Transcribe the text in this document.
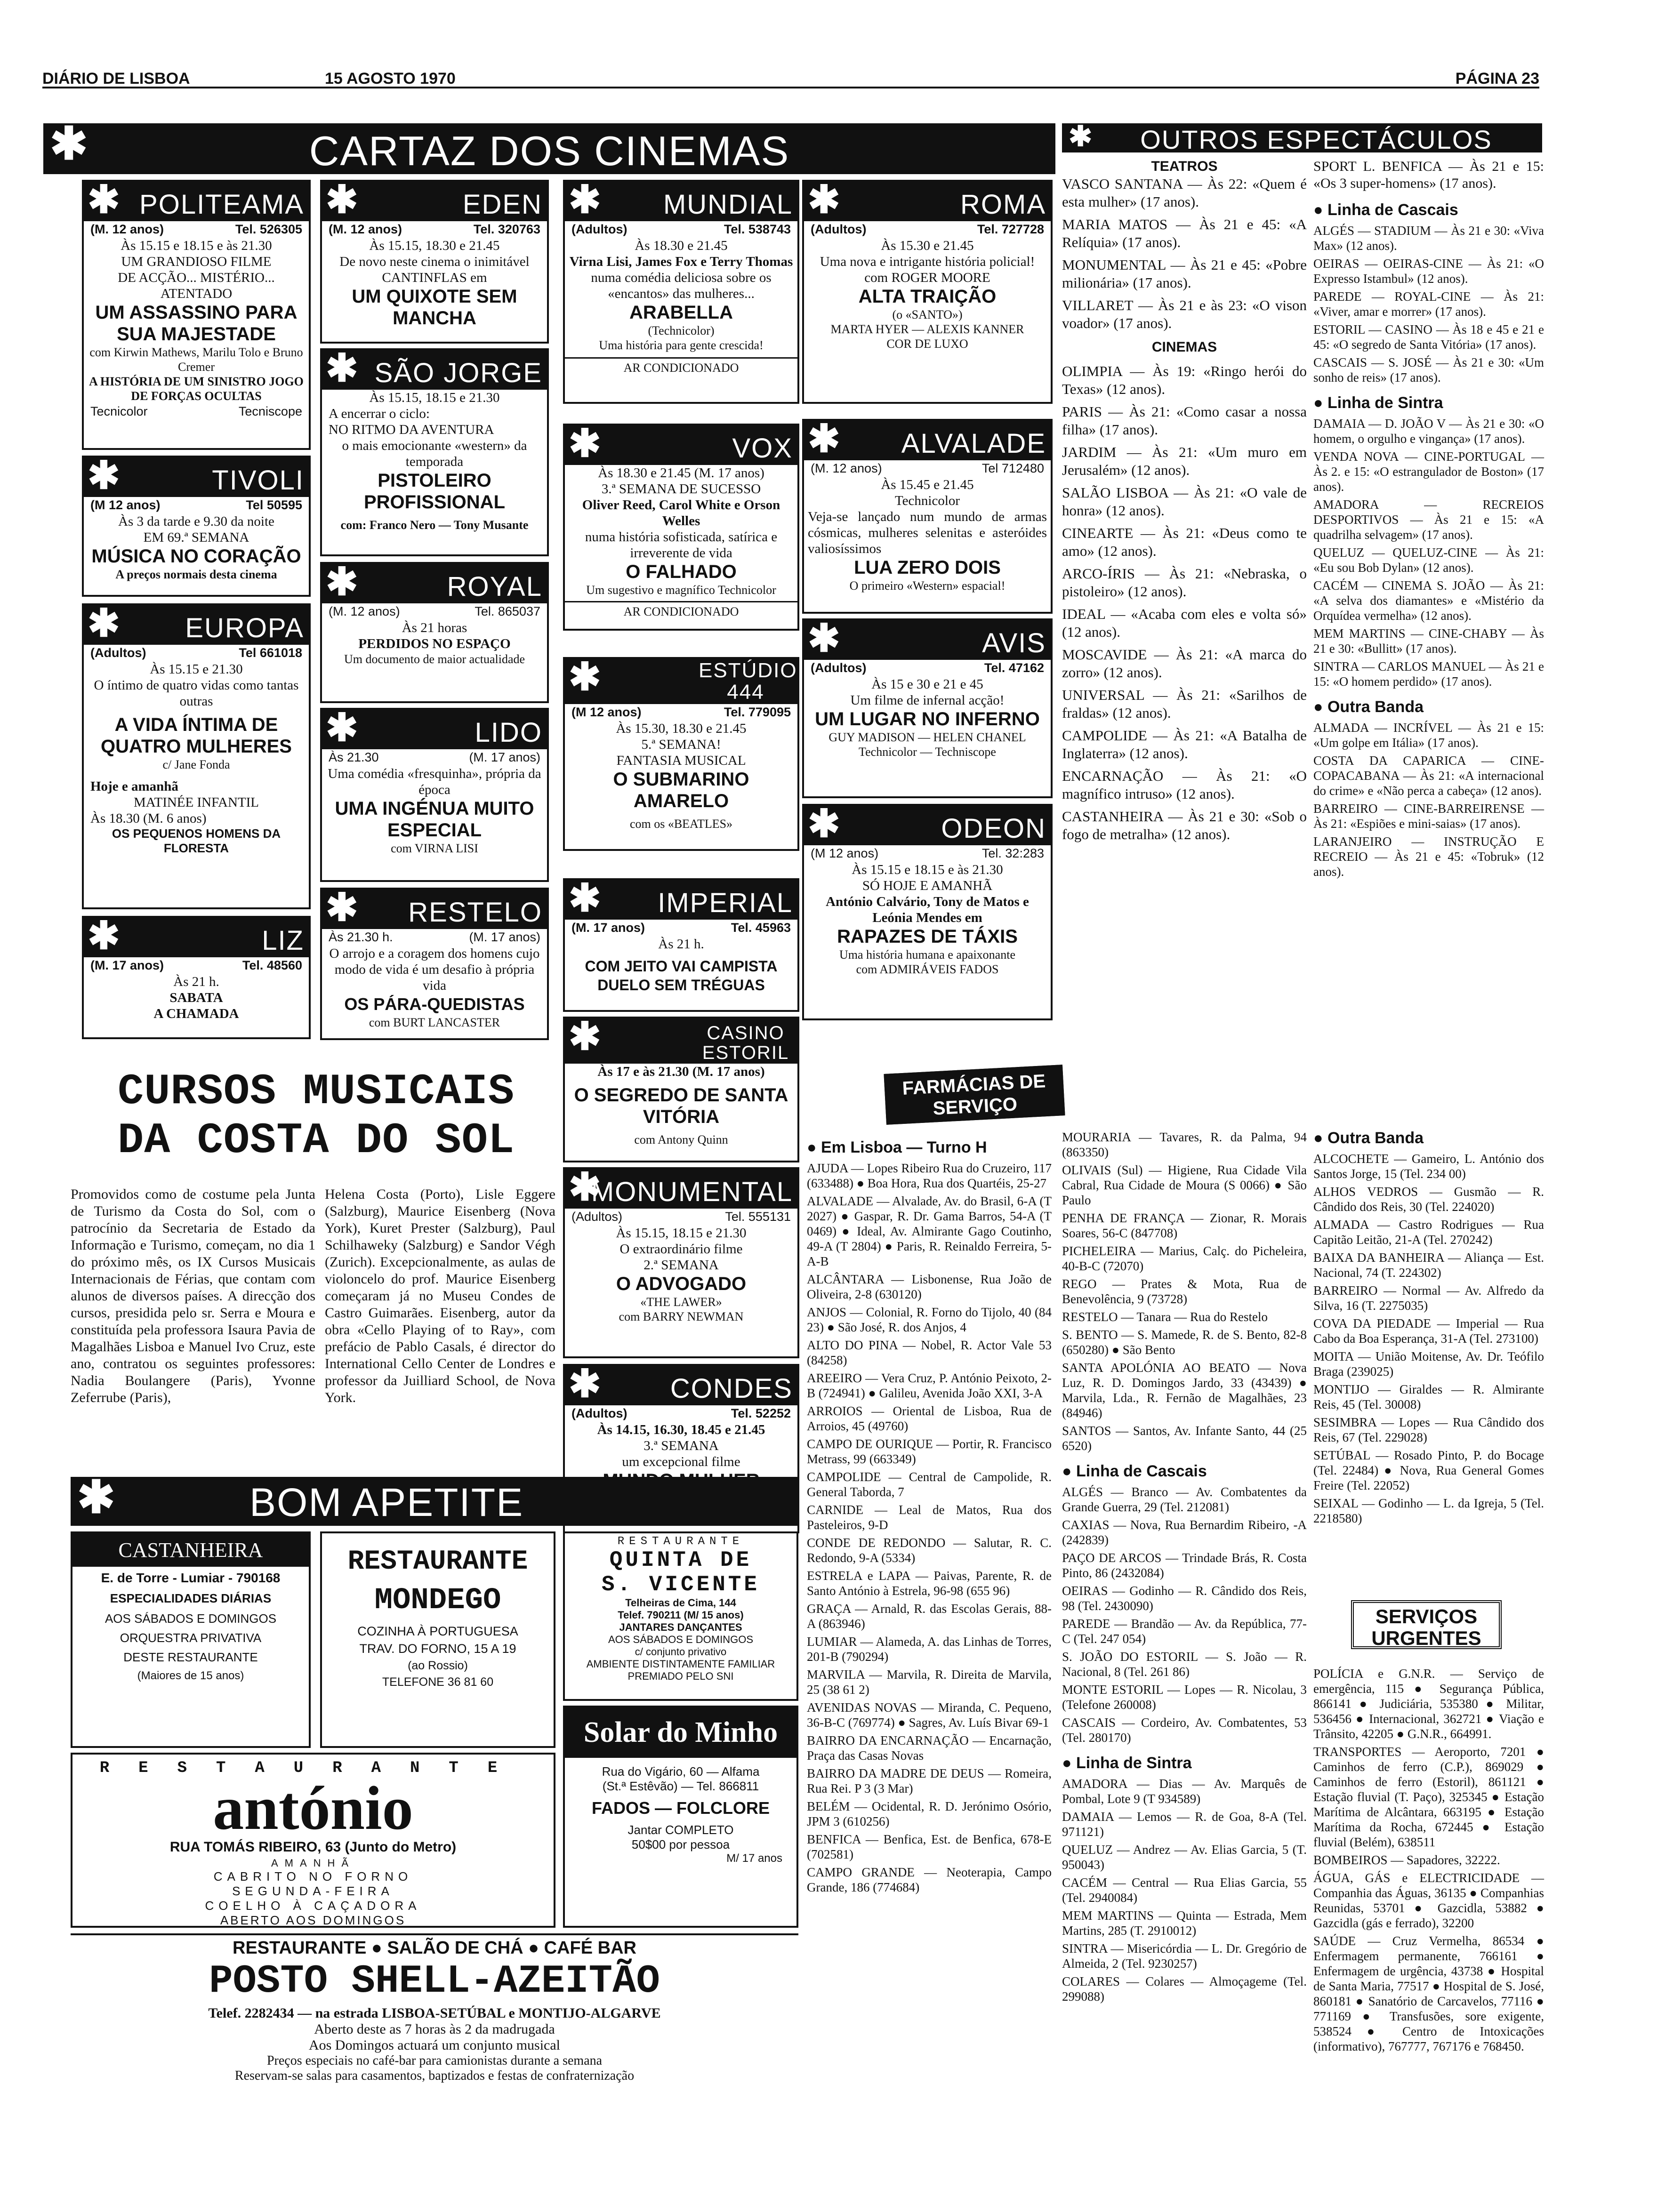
DIÁRIO DE LISBOA	15 AGOSTO 1970	PÁGINA 23
✱	CARTAZ DOS CINEMAS	✱	OUTROS ESPECTÁCULOS
✱ POLITEAMA
(M. 12 anos)	Tel. 526305
Às 15.15 e 18.15 e às 21.30
UM GRANDIOSO FILME
DE ACÇÃO... MISTÉRIO...
ATENTADO
UM ASSASSINO PARA SUA MAJESTADE
com Kirwin Mathews, Marilu Tolo e Bruno Cremer
A HISTÓRIA DE UM SINISTRO JOGO DE FORÇAS OCULTAS
Tecnicolor	Tecniscope
✱	TIVOLI
(M 12 anos)	Tel 50595
Às 3 da tarde e 9.30 da noite
EM 69.ª SEMANA
MÚSICA NO CORAÇÃO
A preços normais desta cinema
✱ EUROPA
(Adultos)	Tel 661018
Às 15.15 e 21.30
O íntimo de quatro vidas como tantas outras
A VIDA ÍNTIMA DE QUATRO MULHERES
c/ Jane Fonda
Hoje e amanhã
MATINÉE INFANTIL
Às 18.30 (M. 6 anos)
OS PEQUENOS HOMENS DA FLORESTA
✱	LIZ
(M. 17 anos)	Tel. 48560
Às 21 h.
SABATA
A CHAMADA
✱	EDEN
(M. 12 anos)	Tel. 320763
Às 15.15, 18.30 e 21.45
De novo neste cinema o inimitável CANTINFLAS em
UM QUIXOTE SEM MANCHA
✱ SÃO JORGE
Às 15.15, 18.15 e 21.30
A encerrar o ciclo:
NO RITMO DA AVENTURA
o mais emocionante «western» da temporada
PISTOLEIRO PROFISSIONAL
com: Franco Nero — Tony Musante
✱	ROYAL
(M. 12 anos)	Tel. 865037
Às 21 horas
PERDIDOS NO ESPAÇO
Um documento de maior actualidade
✱	LIDO
Às 21.30	(M. 17 anos)
Uma comédia «fresquinha», própria da época
UMA INGÉNUA MUITO ESPECIAL
com VIRNA LISI
✱ RESTELO
Às 21.30 h.	(M. 17 anos)
O arrojo e a coragem dos homens cujo modo de vida é um desafio à própria vida
OS PÁRA-QUEDISTAS
com BURT LANCASTER
✱ MUNDIAL
(Adultos)	Tel. 538743
Às 18.30 e 21.45
Virna Lisi, James Fox e Terry Thomas
numa comédia deliciosa sobre os «encantos» das mulheres...
ARABELLA
(Technicolor)
Uma história para gente crescida!
AR CONDICIONADO
✱	VOX
Às 18.30 e 21.45 (M. 17 anos)
3.ª SEMANA DE SUCESSO
Oliver Reed, Carol White e Orson Welles
numa história sofisticada, satírica e irreverente de vida
O FALHADO
Um sugestivo e magnífico Technicolor
AR CONDICIONADO
✱	ESTÚDIO 444
(M 12 anos)	Tel. 779095
Às 15.30, 18.30 e 21.45
5.ª SEMANA!
FANTASIA MUSICAL
O SUBMARINO AMARELO
com os «BEATLES»
✱ IMPERIAL
(M. 17 anos)	Tel. 45963
Às 21 h.
COM JEITO VAI CAMPISTA DUELO SEM TRÉGUAS
✱	CASINO ESTORIL
Às 17 e às 21.30 (M. 17 anos)
O SEGREDO DE SANTA VITÓRIA
com Antony Quinn
✱
MONUMENTAL
(Adultos)	Tel. 555131
Às 15.15, 18.15 e 21.30
O extraordinário filme
2.ª SEMANA
O ADVOGADO
«THE LAWER»
com BARRY NEWMAN
✱	CONDES
(Adultos)	Tel. 52252
Às 14.15, 16.30, 18.45 e 21.45
3.ª SEMANA
um excepcional filme
✱	ROMA
(Adultos)	Tel. 727728
Às 15.30 e 21.45
Uma nova e intrigante história policial!
com ROGER MOORE
ALTA TRAIÇÃO
(o «SANTO»)
MARTA HYER — ALEXIS KANNER
COR DE LUXO
✱ ALVALADE
(M. 12 anos)	Tel 712480
Às 15.45 e 21.45
Technicolor
Veja-se lançado num mundo de armas cósmicas, mulheres selenitas e asteróides valiosíssimos
LUA ZERO DOIS
O primeiro «Western» espacial!
✱	AVIS
(Adultos)	Tel. 47162
Às 15 e 30 e 21 e 45
Um filme de infernal acção!
UM LUGAR NO INFERNO
GUY MADISON — HELEN CHANEL
Technicolor — Techniscope
✱	ODEON
(M 12 anos)	Tel. 32:283
Às 15.15 e 18.15 e às 21.30
SÓ HOJE E AMANHÃ
António Calvário, Tony de Matos e Leónia Mendes em
RAPAZES DE TÁXIS
Uma história humana e apaixonante
com ADMIRÁVEIS FADOS
TEATROS
VASCO SANTANA — Às 22: «Quem é esta mulher» (17 anos).
MARIA MATOS — Às 21 e 45: «A Relíquia» (17 anos).
MONUMENTAL — Às 21 e 45: «Pobre milionária» (17 anos).
VILLARET — Às 21 e às 23: «O vison voador» (17 anos).
CINEMAS
OLIMPIA — Às 19: «Ringo herói do Texas» (12 anos).
PARIS — Às 21: «Como casar a nossa filha» (17 anos).
JARDIM — Às 21: «Um muro em Jerusalém» (12 anos).
SALÃO LISBOA — Às 21: «O vale de honra» (12 anos).
CINEARTE — Às 21: «Deus como te amo» (12 anos).
ARCO-ÍRIS — Às 21: «Nebraska, o pistoleiro» (12 anos).
IDEAL — «Acaba com eles e volta só» (12 anos).
MOSCAVIDE — Às 21: «A marca do zorro» (12 anos).
UNIVERSAL — Às 21: «Sarilhos de fraldas» (12 anos).
CAMPOLIDE — Às 21: «A Batalha de Inglaterra» (12 anos).
ENCARNAÇÃO — Às 21: «O magnífico intruso» (12 anos).
CASTANHEIRA — Às 21 e 30: «Sob o fogo de metralha» (12 anos).
SPORT L. BENFICA — Às 21 e 15: «Os 3 super-homens» (17 anos).
● Linha de Cascais
ALGÉS — STADIUM — Às 21 e 30: «Viva Max» (12 anos).
OEIRAS — OEIRAS-CINE — Às 21: «O Expresso Istambul» (12 anos).
PAREDE — ROYAL-CINE — Às 21: «Viver, amar e morrer» (17 anos).
ESTORIL — CASINO — Às 18 e 45 e 21 e 45: «O segredo de Santa Vitória» (17 anos).
CASCAIS — S. JOSÉ — Às 21 e 30: «Um sonho de reis» (17 anos).
● Linha de Sintra
DAMAIA — D. JOÃO V — Às 21 e 30: «O homem, o orgulho e vingança» (17 anos).
VENDA NOVA — CINE-PORTUGAL — Às 2. e 15: «O estrangulador de Boston» (17 anos).
AMADORA — RECREIOS DESPORTIVOS — Às 21 e 15: «A quadrilha selvagem» (17 anos).
QUELUZ — QUELUZ-CINE — Às 21: «Eu sou Bob Dylan» (12 anos).
CACÉM — CINEMA S. JOÃO — Às 21: «A selva dos diamantes» e «Mistério da Orquídea vermelha» (12 anos).
MEM MARTINS — CINE-CHABY — Às 21 e 30: «Bullitt» (17 anos).
SINTRA — CARLOS MANUEL — Às 21 e 15: «O homem perdido» (17 anos).
● Outra Banda
ALMADA — INCRÍVEL — Às 21 e 15: «Um golpe em Itália» (17 anos).
COSTA DA CAPARICA — CINE-COPACABANA — Às 21: «A internacional do crime» e «Não perca a cabeça» (12 anos).
BARREIRO — CINE-BARREIRENSE — Às 21: «Espiões e mini-saias» (17 anos).
LARANJEIRO — INSTRUÇÃO E RECREIO — Às 21 e 45: «Tobruk» (12 anos).
CURSOS MUSICAIS
DA COSTA DO SOL
Promovidos como de costume pela Junta de Turismo da Costa do Sol, com o patrocínio da Secretaria de Estado da Informação e Turismo, começam, no dia 1 do próximo mês, os IX Cursos Musicais Internacionais de Férias, que contam com alunos de diversos países. A direcção dos cursos, presidida pelo sr. Serra e Moura e constituída pela professora Isaura Pavia de Magalhães Lisboa e Manuel Ivo Cruz, este ano, contratou os seguintes professores: Nadia Boulangere (Paris), Yvonne Zeferrube (Paris),
Helena Costa (Porto), Lisle Eggere (Salzburg), Maurice Eisenberg (Nova York), Kuret Prester (Salzburg), Paul Schilhaweky (Salzburg) e Sandor Végh (Zurich). Excepcionalmente, as aulas de violoncelo do prof. Maurice Eisenberg começaram já no Museu Condes de Castro Guimarães. Eisenberg, autor da obra «Cello Playing of to Ray», com prefácio de Pablo Casals, é director do International Cello Center de Londres e professor da Juilliard School, de Nova York.
✱	BOM APETITE
CASTANHEIRA
E. de Torre - Lumiar - 790168
ESPECIALIDADES DIÁRIAS
AOS SÁBADOS E DOMINGOS
ORQUESTRA PRIVATIVA
DESTE RESTAURANTE
(Maiores de 15 anos)
RESTAURANTE
MONDEGO
COZINHA À PORTUGUESA
TRAV. DO FORNO, 15 A 19
(ao Rossio)
TELEFONE 36 81 60
RESTAURANTE
QUINTA DE
S. VICENTE
Telheiras de Cima, 144
Telef. 790211 (M/ 15 anos)
JANTARES DANÇANTES
AOS SÁBADOS E DOMINGOS
c/ conjunto privativo
AMBIENTE DISTINTAMENTE FAMILIAR
PREMIADO PELO SNI
RESTAURANTE
antónio
RUA TOMÁS RIBEIRO, 63 (Junto do Metro)
AMANHÃ
CABRITO NO FORNO
SEGUNDA-FEIRA
COELHO À CAÇADORA
ABERTO AOS DOMINGOS
Solar do Minho
Rua do Vigário, 60 — Alfama
(St.ª Estêvão) — Tel. 866811
FADOS — FOLCLORE
Jantar COMPLETO
50$00 por pessoa
M/ 17 anos
RESTAURANTE ● SALÃO DE CHÁ ● CAFÉ BAR
POSTO SHELL-AZEITÃO
Telef. 2282434 — na estrada LISBOA-SETÚBAL e MONTIJO-ALGARVE
Aberto deste as 7 horas às 2 da madrugada
Aos Domingos actuará um conjunto musical
Preços especiais no café-bar para camionistas durante a semana
Reservam-se salas para casamentos, baptizados e festas de confraternização
FARMÁCIAS DE SERVIÇO
● Em Lisboa — Turno H
AJUDA — Lopes Ribeiro Rua do Cruzeiro, 117 (633488) ● Boa Hora, Rua dos Quartéis, 25-27
ALVALADE — Alvalade, Av. do Brasil, 6-A (T 2027) ● Gaspar, R. Dr. Gama Barros, 54-A (T 0469) ● Ideal, Av. Almirante Gago Coutinho, 49-A (T 2804) ● Paris, R. Reinaldo Ferreira, 5-A-B
ALCÂNTARA — Lisbonense, Rua João de Oliveira, 2-8 (630120)
ANJOS — Colonial, R. Forno do Tijolo, 40 (84 23) ● São José, R. dos Anjos, 4
ALTO DO PINA — Nobel, R. Actor Vale 53 (84258)
AREEIRO — Vera Cruz, P. António Peixoto, 2-B (724941) ● Galileu, Avenida João XXI, 3-A
ARROIOS — Oriental de Lisboa, Rua de Arroios, 45 (49760)
CAMPO DE OURIQUE — Portir, R. Francisco Metrass, 99 (663349)
CAMPOLIDE — Central de Campolide, R. General Taborda, 7
CARNIDE — Leal de Matos, Rua dos Pasteleiros, 9-D
CONDE DE REDONDO — Salutar, R. C. Redondo, 9-A (5334)
ESTRELA e LAPA — Paivas, Parente, R. de Santo António à Estrela, 96-98 (655 96)
GRAÇA — Arnald, R. das Escolas Gerais, 88-A (863946)
LUMIAR — Alameda, A. das Linhas de Torres, 201-B (790294)
MARVILA — Marvila, R. Direita de Marvila, 25 (38 61 2)
AVENIDAS NOVAS — Miranda, C. Pequeno, 36-B-C (769774) ● Sagres, Av. Luís Bivar 69-1
BAIRRO DA ENCARNAÇÃO — Encarnação, Praça das Casas Novas
BAIRRO DA MADRE DE DEUS — Romeira, Rua Rei. P 3 (3 Mar)
BELÉM — Ocidental, R. D. Jerónimo Osório, JPM 3 (610256)
BENFICA — Benfica, Est. de Benfica, 678-E (702581)
CAMPO GRANDE — Neoterapia, Campo Grande, 186 (774684)
MOURARIA — Tavares, R. da Palma, 94 (863350)
OLIVAIS (Sul) — Higiene, Rua Cidade Vila Cabral, Rua Cidade de Moura (S 0066) ● São Paulo
PENHA DE FRANÇA — Zionar, R. Morais Soares, 56-C (847708)
PICHELEIRA — Marius, Calç. do Picheleira, 40-B-C (72070)
REGO — Prates & Mota, Rua de Benevolência, 9 (73728)
RESTELO — Tanara — Rua do Restelo
S. BENTO — S. Mamede, R. de S. Bento, 82-8 (650280) ● São Bento
SANTA APOLÓNIA AO BEATO — Nova Luz, R. D. Domingos Jardo, 33 (43439) ● Marvila, Lda., R. Fernão de Magalhães, 23 (84946)
SANTOS — Santos, Av. Infante Santo, 44 (25 6520)
● Linha de Cascais
ALGÉS — Branco — Av. Combatentes da Grande Guerra, 29 (Tel. 212081)
CAXIAS — Nova, Rua Bernardim Ribeiro, -A (242839)
PAÇO DE ARCOS — Trindade Brás, R. Costa Pinto, 86 (2432084)
OEIRAS — Godinho — R. Cândido dos Reis, 98 (Tel. 2430090)
PAREDE — Brandão — Av. da República, 77-C (Tel. 247 054)
S. JOÃO DO ESTORIL — S. João — R. Nacional, 8 (Tel. 261 86)
MONTE ESTORIL — Lopes — R. Nicolau, 3 (Telefone 260008)
CASCAIS — Cordeiro, Av. Combatentes, 53 (Tel. 280170)
● Linha de Sintra
AMADORA — Dias — Av. Marquês de Pombal, Lote 9 (T 934589)
DAMAIA — Lemos — R. de Goa, 8-A (Tel. 971121)
QUELUZ — Andrez — Av. Elias Garcia, 5 (T. 950043)
CACÉM — Central — Rua Elias Garcia, 55 (Tel. 2940084)
MEM MARTINS — Quinta — Estrada, Mem Martins, 285 (T. 2910012)
SINTRA — Misericórdia — L. Dr. Gregório de Almeida, 2 (Tel. 9230257)
COLARES — Colares — Almoçageme (Tel. 299088)
● Outra Banda
ALCOCHETE — Gameiro, L. António dos Santos Jorge, 15 (Tel. 234 00)
ALHOS VEDROS — Gusmão — R. Cândido dos Reis, 30 (Tel. 224020)
ALMADA — Castro Rodrigues — Rua Capitão Leitão, 21-A (Tel. 270242)
BAIXA DA BANHEIRA — Aliança — Est. Nacional, 74 (T. 224302)
BARREIRO — Normal — Av. Alfredo da Silva, 16 (T. 2275035)
COVA DA PIEDADE — Imperial — Rua Cabo da Boa Esperança, 31-A (Tel. 273100)
MOITA — União Moitense, Av. Dr. Teófilo Braga (239025)
MONTIJO — Giraldes — R. Almirante Reis, 45 (Tel. 30008)
SESIMBRA — Lopes — Rua Cândido dos Reis, 67 (Tel. 229028)
SETÚBAL — Rosado Pinto, P. do Bocage (Tel. 22484) ● Nova, Rua General Gomes Freire (Tel. 22052)
SEIXAL — Godinho — L. da Igreja, 5 (Tel. 2218580)
SERVIÇOS URGENTES
POLÍCIA e G.N.R. — Serviço de emergência, 115 ● Segurança Pública, 866141 ● Judiciária, 535380 ● Militar, 536456 ● Internacional, 362721 ● Viação e Trânsito, 42205 ● G.N.R., 664991.
TRANSPORTES — Aeroporto, 7201 ● Caminhos de ferro (C.P.), 869029 ● Caminhos de ferro (Estoril), 861121 ● Estação fluvial (T. Paço), 325345 ● Estação Marítima de Alcântara, 663195 ● Estação Marítima da Rocha, 672445 ● Estação fluvial (Belém), 638511
BOMBEIROS — Sapadores, 32222.
ÁGUA, GÁS e ELECTRICIDADE — Companhia das Águas, 36135 ● Companhias Reunidas, 53701 ● Gazcidla, 53882 ● Gazcidla (gás e ferrado), 32200
SAÚDE — Cruz Vermelha, 86534 ● Enfermagem permanente, 766161 ● Enfermagem de urgência, 43738 ● Hospital de Santa Maria, 77517 ● Hospital de S. José, 860181 ● Sanatório de Carcavelos, 77116 ● 771169 ● Transfusões, sore exigente, 538524 ● Centro de Intoxicações (informativo), 767777, 767176 e 768450.
